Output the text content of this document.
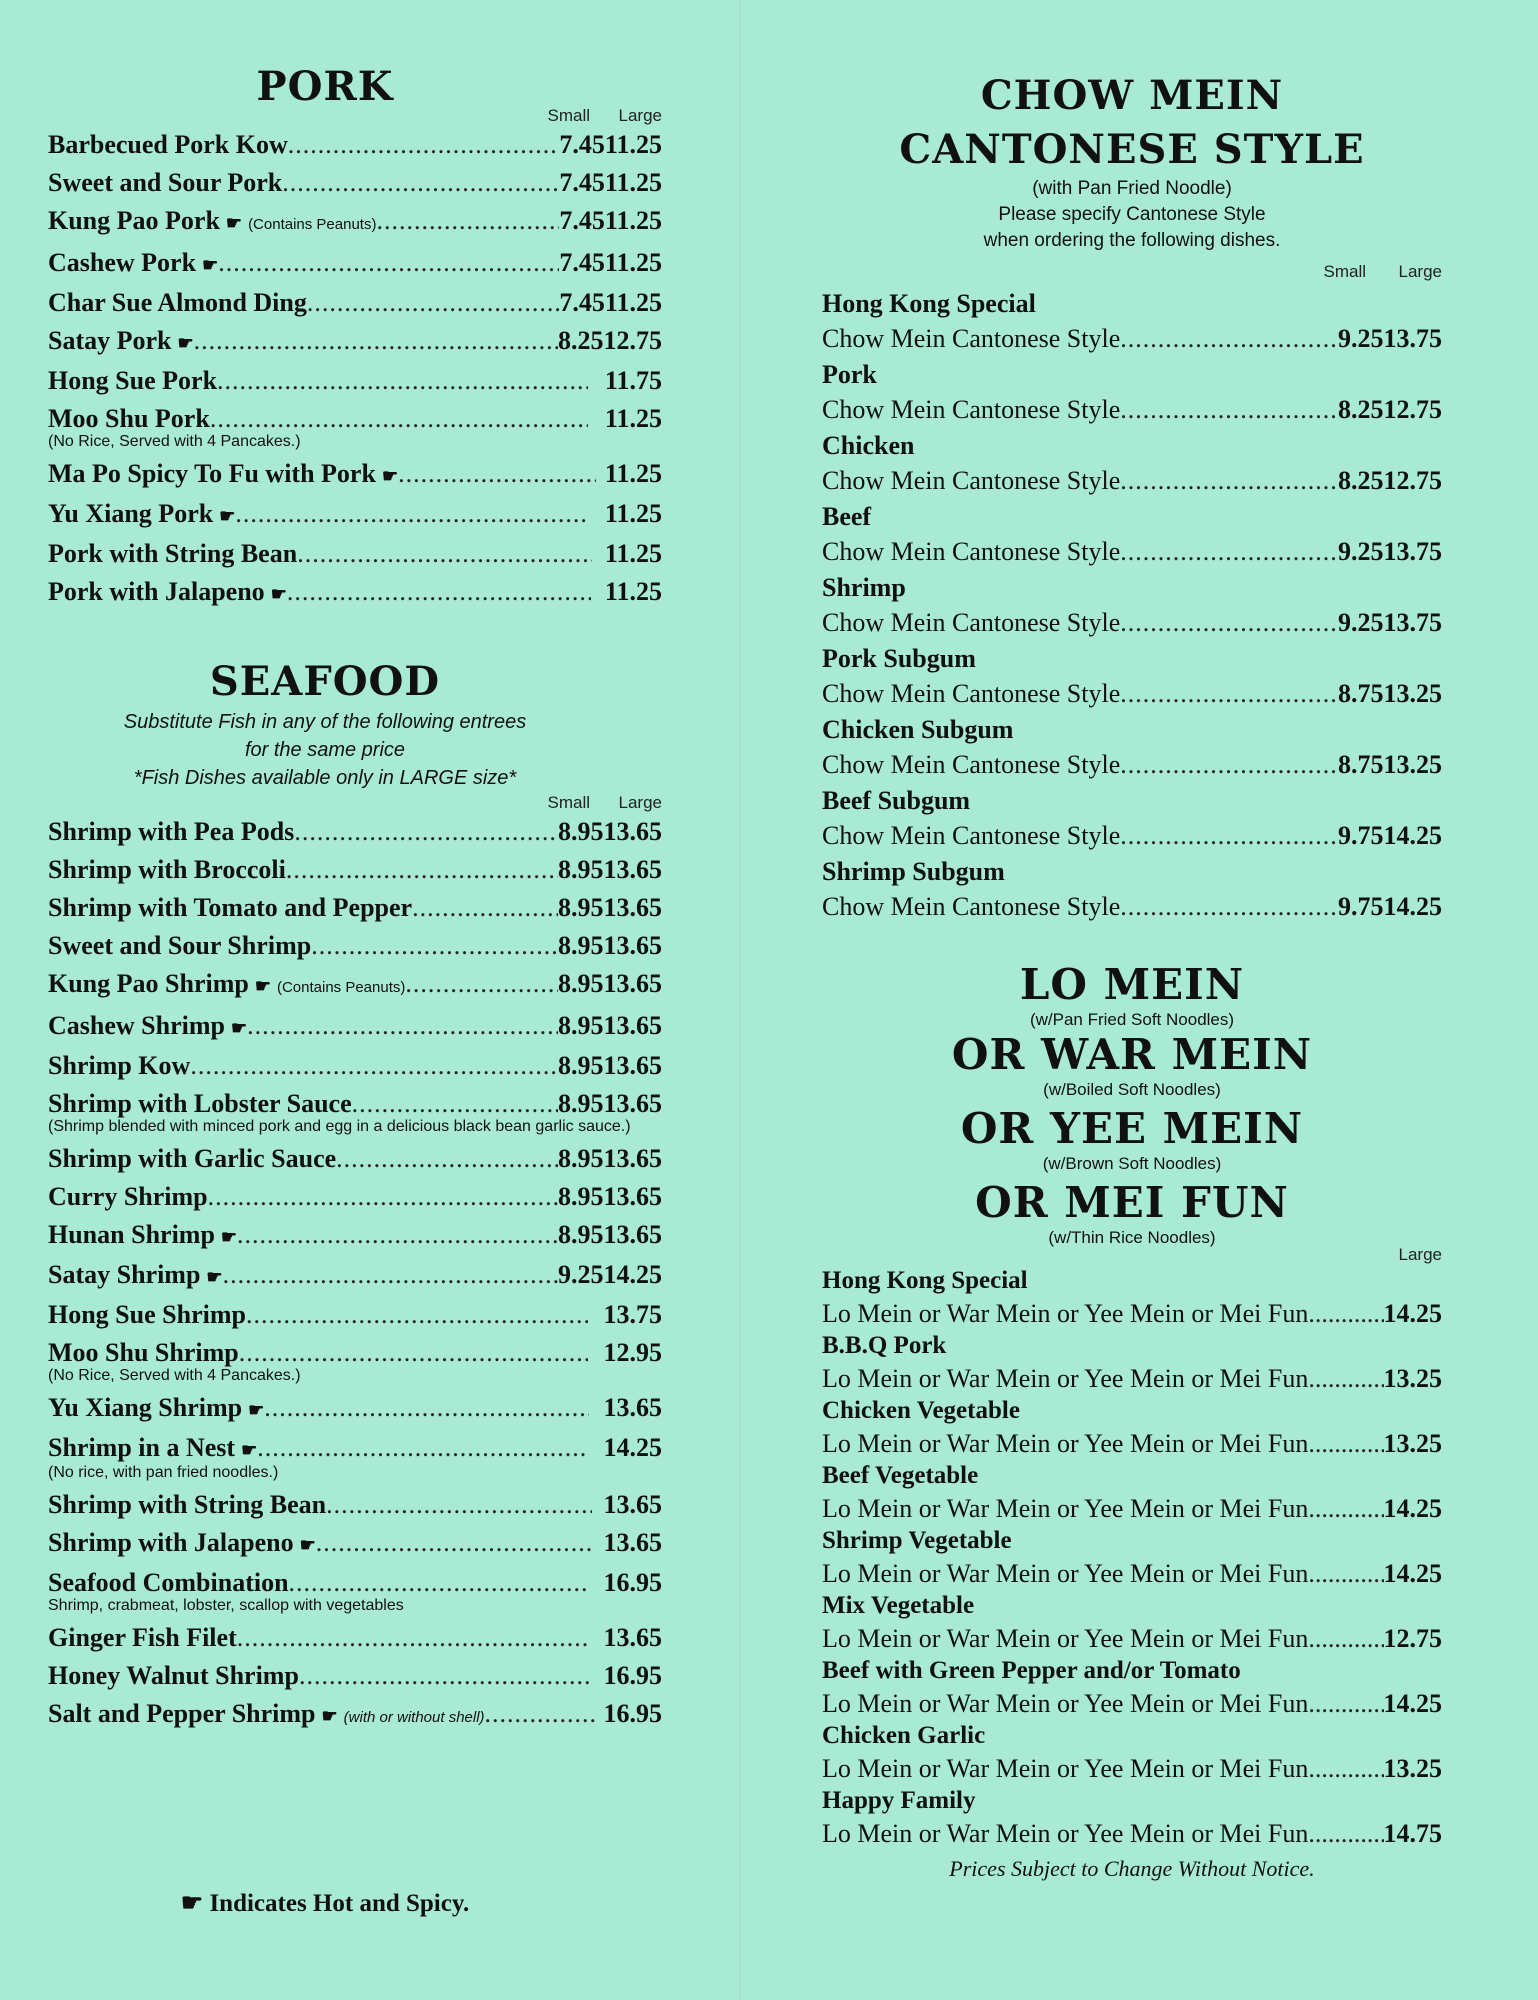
PORK
Small	Large
Barbecued Pork Kow .....	7.45 11.25
Sweet and Sour Pork .....	7.45 11.25
Kung Pao Pork ☛ (Contains Peanuts) .....	7.45 11.25
Cashew Pork ☛ .....	7.45 11.25
Char Sue Almond Ding .....	7.45 11.25
Satay Pork ☛ .....	8.25 12.75
Hong Sue Pork .....	11.75
Moo Shu Pork .....	11.25
(No Rice, Served with 4 Pancakes.)
Ma Po Spicy To Fu with Pork ☛ .....	11.25
Yu Xiang Pork ☛ .....	11.25
Pork with String Bean .....	11.25
Pork with Jalapeno ☛ .....	11.25
SEAFOOD
Substitute Fish in any of the following entrees
for the same price
*Fish Dishes available only in LARGE size*
Small	Large
Shrimp with Pea Pods .....	8.95 13.65
Shrimp with Broccoli .....	8.95 13.65
Shrimp with Tomato and Pepper .....	8.95 13.65
Sweet and Sour Shrimp .....	8.95 13.65
Kung Pao Shrimp ☛ (Contains Peanuts) .....	8.95 13.65
Cashew Shrimp ☛ .....	8.95 13.65
Shrimp Kow .....	8.95 13.65
Shrimp with Lobster Sauce .....	8.95 13.65
(Shrimp blended with minced pork and egg in a delicious black bean garlic sauce.)
Shrimp with Garlic Sauce .....	8.95 13.65
Curry Shrimp .....	8.95 13.65
Hunan Shrimp ☛ .....	8.95 13.65
Satay Shrimp ☛ .....	9.25 14.25
Hong Sue Shrimp .....	13.75
Moo Shu Shrimp .....	12.95
(No Rice, Served with 4 Pancakes.)
Yu Xiang Shrimp ☛ .....	13.65
Shrimp in a Nest ☛ .....	14.25
(No rice, with pan fried noodles.)
Shrimp with String Bean .....	13.65
Shrimp with Jalapeno ☛ .....	13.65
Seafood Combination .....	16.95
Shrimp, crabmeat, lobster, scallop with vegetables
Ginger Fish Filet .....	13.65
Honey Walnut Shrimp .....	16.95
Salt and Pepper Shrimp ☛ (with or without shell) .....	16.95
☛ Indicates Hot and Spicy.
CHOW MEIN
CANTONESE STYLE
(with Pan Fried Noodle)
Please specify Cantonese Style
when ordering the following dishes.
Small	Large
Hong Kong Special
Chow Mein Cantonese Style .....	9.25 13.75
Pork
Chow Mein Cantonese Style .....	8.25 12.75
Chicken
Chow Mein Cantonese Style .....	8.25 12.75
Beef
Chow Mein Cantonese Style .....	9.25 13.75
Shrimp
Chow Mein Cantonese Style .....	9.25 13.75
Pork Subgum
Chow Mein Cantonese Style .....	8.75 13.25
Chicken Subgum
Chow Mein Cantonese Style .....	8.75 13.25
Beef Subgum
Chow Mein Cantonese Style .....	9.75 14.25
Shrimp Subgum
Chow Mein Cantonese Style .....	9.75 14.25
LO MEIN
(w/Pan Fried Soft Noodles)
OR WAR MEIN
(w/Boiled Soft Noodles)
OR YEE MEIN
(w/Brown Soft Noodles)
OR MEI FUN
(w/Thin Rice Noodles)
Large
Hong Kong Special
Lo Mein or War Mein or Yee Mein or Mei Fun .....	14.25
B.B.Q Pork
Lo Mein or War Mein or Yee Mein or Mei Fun .....	13.25
Chicken Vegetable
Lo Mein or War Mein or Yee Mein or Mei Fun .....	13.25
Beef Vegetable
Lo Mein or War Mein or Yee Mein or Mei Fun .....	14.25
Shrimp Vegetable
Lo Mein or War Mein or Yee Mein or Mei Fun .....	14.25
Mix Vegetable
Lo Mein or War Mein or Yee Mein or Mei Fun .....	12.75
Beef with Green Pepper and/or Tomato
Lo Mein or War Mein or Yee Mein or Mei Fun .....	14.25
Chicken Garlic
Lo Mein or War Mein or Yee Mein or Mei Fun .....	13.25
Happy Family
Lo Mein or War Mein or Yee Mein or Mei Fun .....	14.75
Prices Subject to Change Without Notice.
